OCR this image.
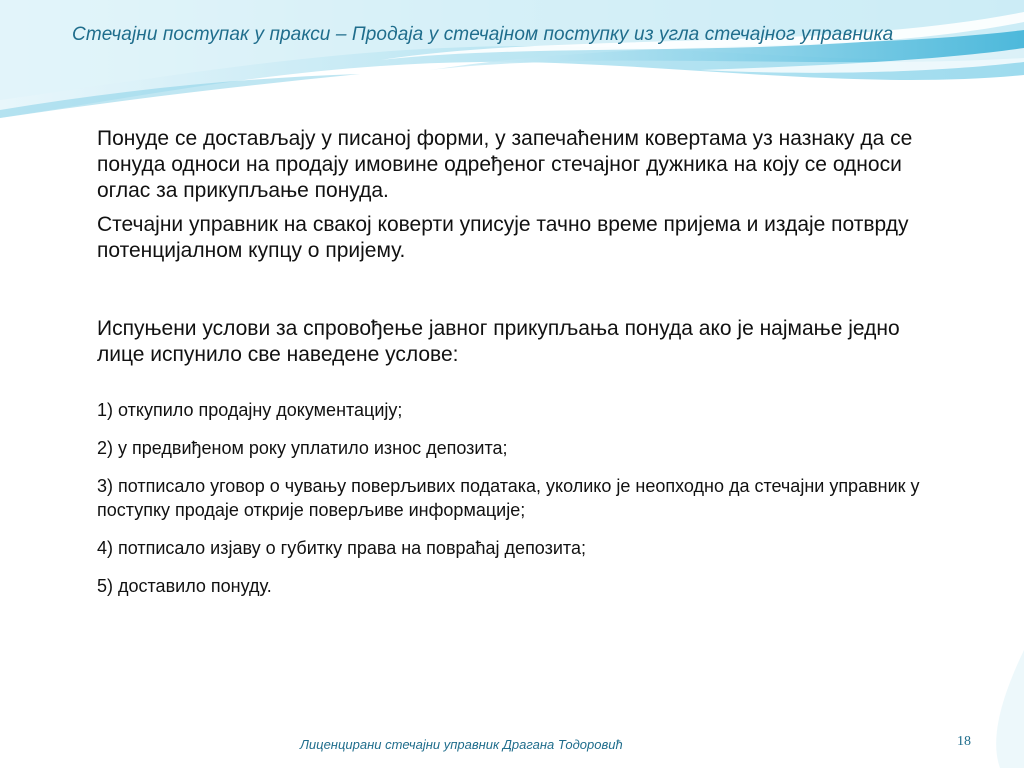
Стечајни поступак у пракси – Продаја у стечајном поступку из угла стечајног управника

Понуде се достављају у писаној форми, у запечаћеним ковертама уз назнаку да се понуда односи на продају имовине одређеног стечајног дужника на коју се односи оглас за прикупљање понуда.

Стечајни управник на свакој коверти уписује тачно време пријема и издаје потврду потенцијалном купцу о пријему.

Испуњени услови за спровођење јавног прикупљања понуда ако је најмање једно лице испунило све наведене услове:

1) откупило продајну документацију;

2) у предвиђеном року уплатило износ депозита;

3) потписало уговор о чувању поверљивих података, уколико је неопходно да стечајни управник у поступку продаје открије поверљиве информације;

4) потписало изјаву о губитку права на повраћај депозита;

5) доставило понуду.

Лиценцирани стечајни управник Драгана Тодоровић	18
